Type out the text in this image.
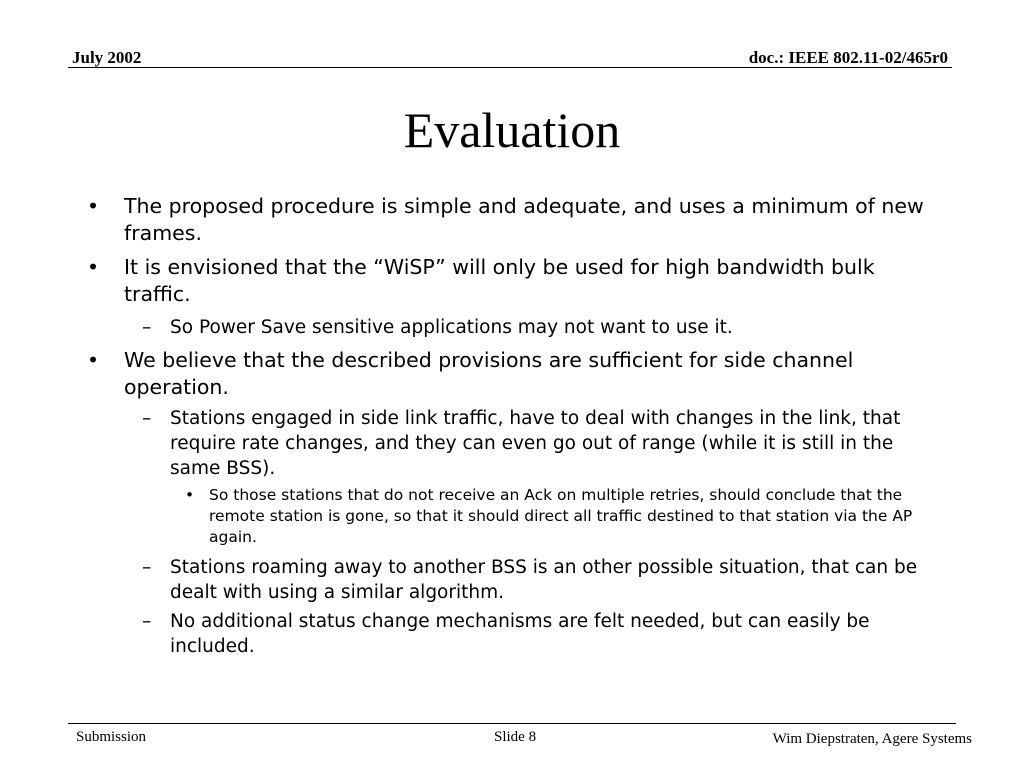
July 2002	doc.: IEEE 802.11-02/465r0
Evaluation
• The proposed procedure is simple and adequate, and uses a minimum of new frames.
• It is envisioned that the “WiSP” will only be used for high bandwidth bulk traffic.
– So Power Save sensitive applications may not want to use it.
• We believe that the described provisions are sufficient for side channel operation.
– Stations engaged in side link traffic, have to deal with changes in the link, that require rate changes, and they can even go out of range (while it is still in the same BSS).
• So those stations that do not receive an Ack on multiple retries, should conclude that the remote station is gone, so that it should direct all traffic destined to that station via the AP again.
– Stations roaming away to another BSS is an other possible situation, that can be dealt with using a similar algorithm.
– No additional status change mechanisms are felt needed, but can easily be included.
Submission	Slide 8	Wim Diepstraten, Agere Systems
